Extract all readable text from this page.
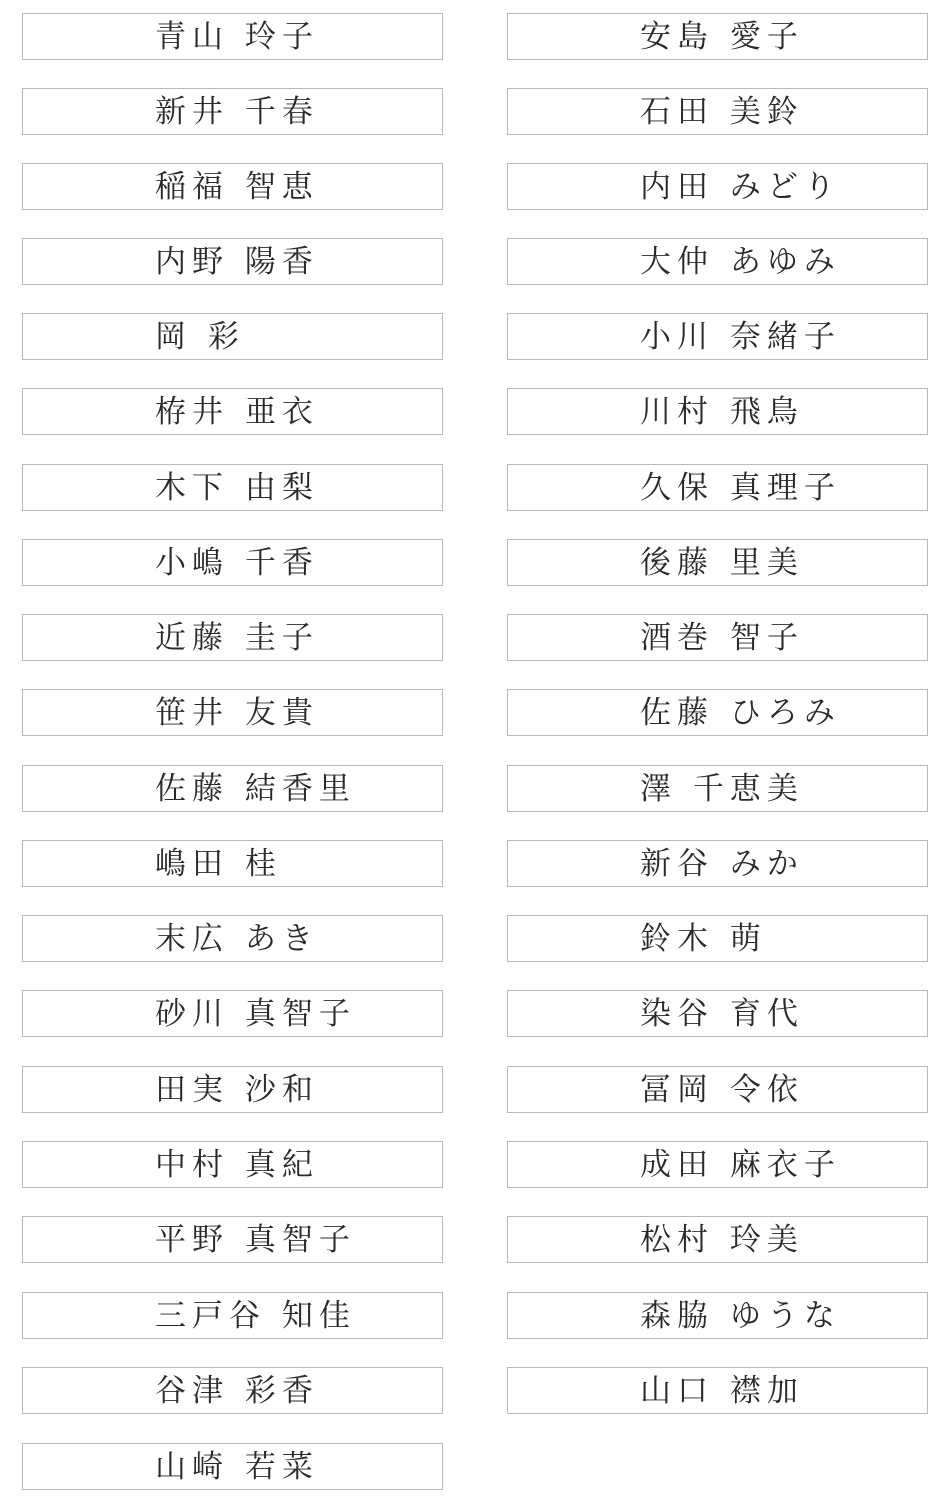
青山 玲子	安島 愛子
新井 千春	石田 美鈴
稲福 智恵	内田 みどり
内野 陽香	大仲 あゆみ
岡 彩	小川 奈緒子
栫井 亜衣	川村 飛鳥
木下 由梨	久保 真理子
小嶋 千香	後藤 里美
近藤 圭子	酒巻 智子
笹井 友貴	佐藤 ひろみ
佐藤 結香里	澤 千恵美
嶋田 桂	新谷 みか
末広 あき	鈴木 萌
砂川 真智子	染谷 育代
田実 沙和	冨岡 令依
中村 真紀	成田 麻衣子
平野 真智子	松村 玲美
三戸谷 知佳	森脇 ゆうな
谷津 彩香	山口 襟加
山崎 若菜
